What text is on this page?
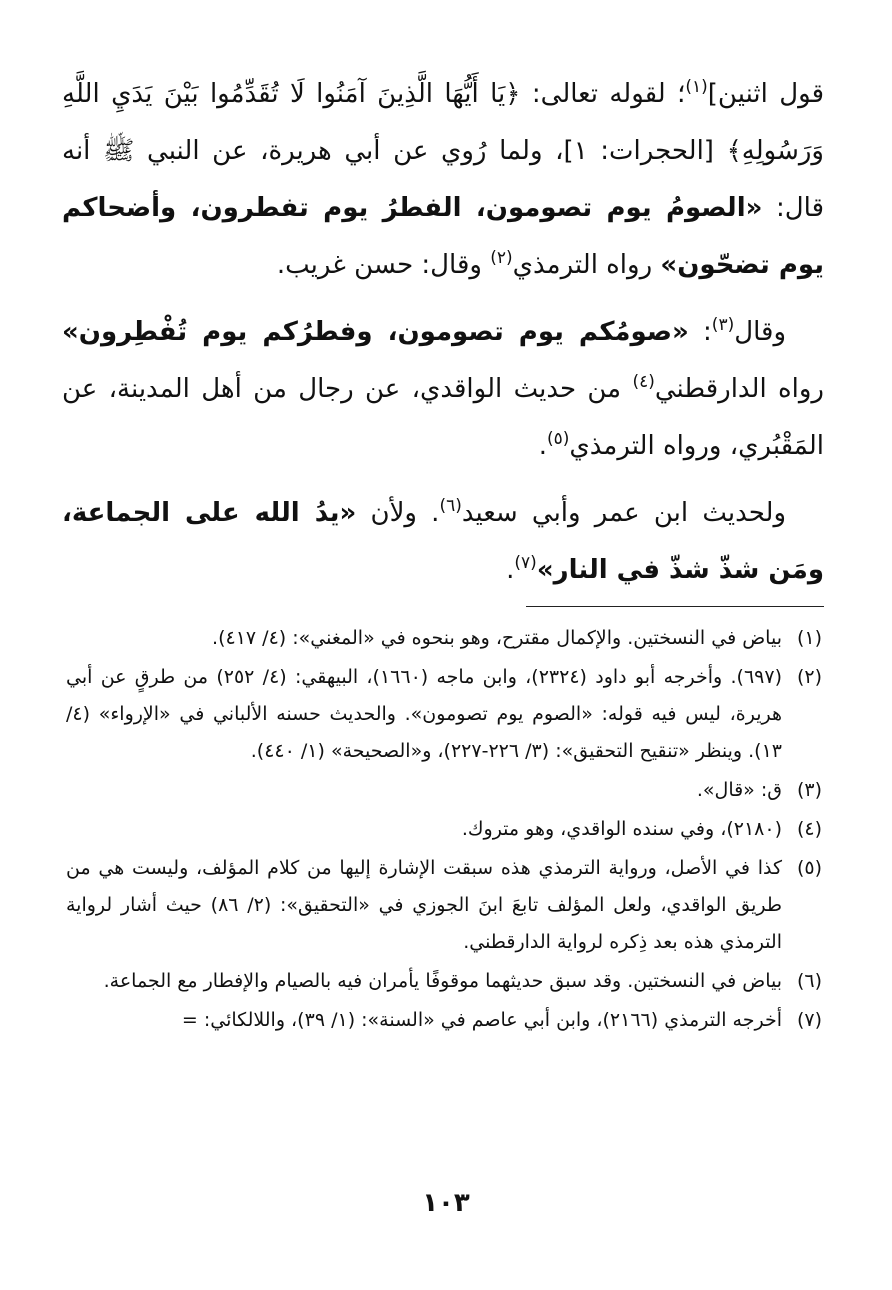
قول اثنين]$^{(١)}$؛ لقوله تعالى: ﴿يَا أَيُّهَا الَّذِينَ آمَنُوا لَا تُقَدِّمُوا بَيْنَ يَدَيِ اللَّهِ وَرَسُولِهِ﴾ [الحجرات: ١]، ولما رُوي عن أبي هريرة، عن النبي ﷺ أنه قال: «الصومُ يوم تصومون، الفطرُ يوم تفطرون، وأضحاكم يوم تضحّون» رواه الترمذي$^{(٢)}$ وقال: حسن غريب.

وقال$^{(٣)}$: «صومُكم يوم تصومون، وفطرُكم يوم تُفْطِرون» رواه الدارقطني$^{(٤)}$ من حديث الواقدي، عن رجال من أهل المدينة، عن المَقْبُري، ورواه الترمذي$^{(٥)}$.

ولحديث ابن عمر وأبي سعيد$^{(٦)}$. ولأن «يدُ الله على الجماعة، ومَن شذّ شذّ في النار»$^{(٧)}$.

(١)
بياض في النسختين. والإكمال مقترح، وهو بنحوه في «المغني»: (٤/ ٤١٧).
(٢)
(٦٩٧). وأخرجه أبو داود (٢٣٢٤)، وابن ماجه (١٦٦٠)، البيهقي: (٤/ ٢٥٢) من طرقٍ عن أبي هريرة، ليس فيه قوله: «الصوم يوم تصومون». والحديث حسنه الألباني في «الإرواء» (٤/ ١٣). وينظر «تنقيح التحقيق»: (٣/ ٢٢٦-٢٢٧)، و«الصحيحة» (١/ ٤٤٠).
(٣)
ق: «قال».
(٤)
(٢١٨٠)، وفي سنده الواقدي، وهو متروك.
(٥)
كذا في الأصل، ورواية الترمذي هذه سبقت الإشارة إليها من كلام المؤلف، وليست هي من طريق الواقدي، ولعل المؤلف تابعَ ابنَ الجوزي في «التحقيق»: (٢/ ٨٦) حيث أشار لرواية الترمذي هذه بعد ذِكره لرواية الدارقطني.
(٦)
بياض في النسختين. وقد سبق حديثهما موقوفًا يأمران فيه بالصيام والإفطار مع الجماعة.
(٧)
أخرجه الترمذي (٢١٦٦)، وابن أبي عاصم في «السنة»: (١/ ٣٩)، واللالكائي: =
١٠٣
